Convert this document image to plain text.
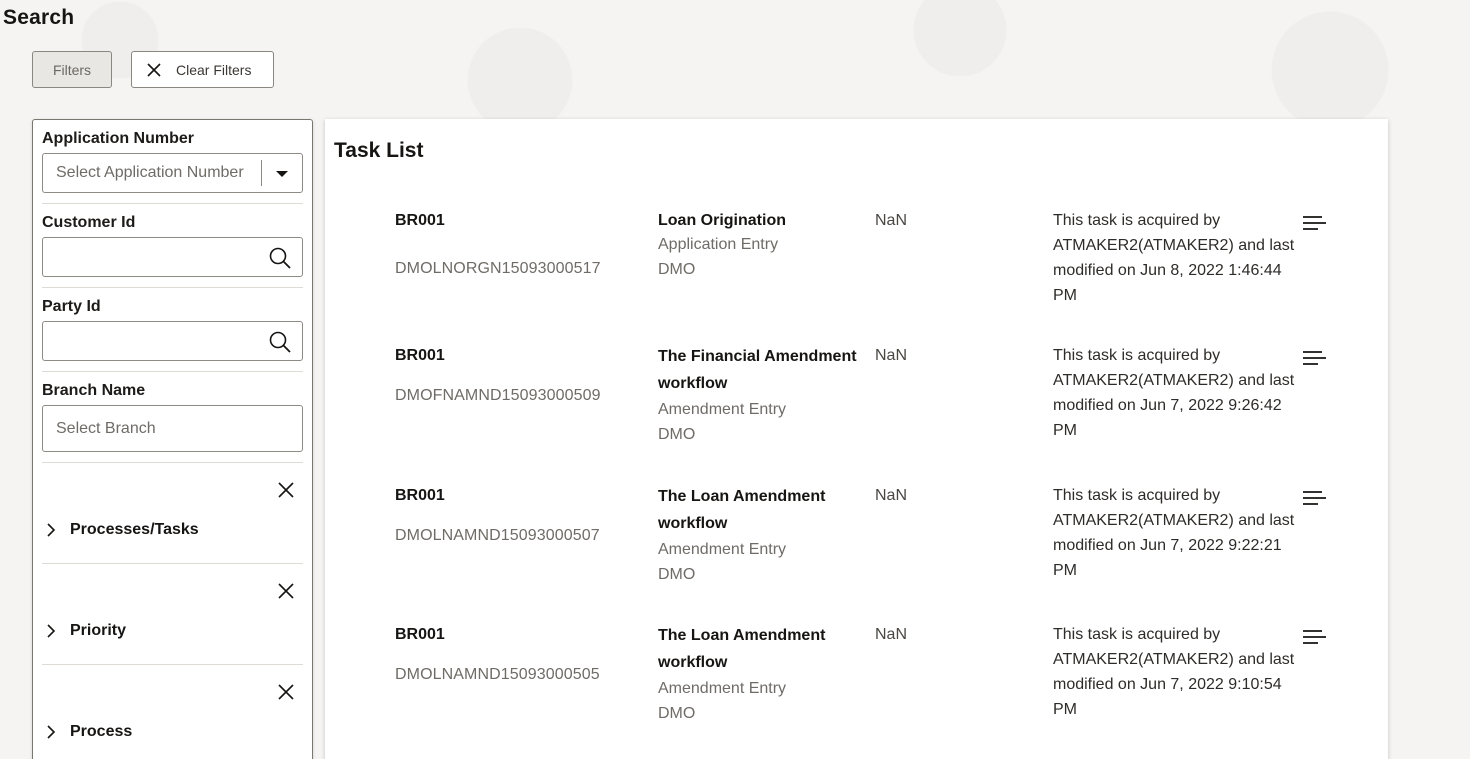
Search
Filters	Clear Filters
Application Number
Select Application Number
Customer Id
Party Id
Branch Name
Select Branch
Processes/Tasks
Priority
Process
Task List
BR001
DMOLNORGN15093000517
Loan Origination
Application Entry
DMO
NaN	This task is acquired by ATMAKER2(ATMAKER2) and last modified on Jun 8, 2022 1:46:44 PM
BR001
DMOFNAMND15093000509
The Financial Amendment workflow
Amendment Entry
DMO
NaN	This task is acquired by ATMAKER2(ATMAKER2) and last modified on Jun 7, 2022 9:26:42 PM
BR001
DMOLNAMND15093000507
The Loan Amendment workflow
Amendment Entry
DMO
NaN	This task is acquired by ATMAKER2(ATMAKER2) and last modified on Jun 7, 2022 9:22:21 PM
BR001
DMOLNAMND15093000505
The Loan Amendment workflow
Amendment Entry
DMO
NaN	This task is acquired by ATMAKER2(ATMAKER2) and last modified on Jun 7, 2022 9:10:54 PM
